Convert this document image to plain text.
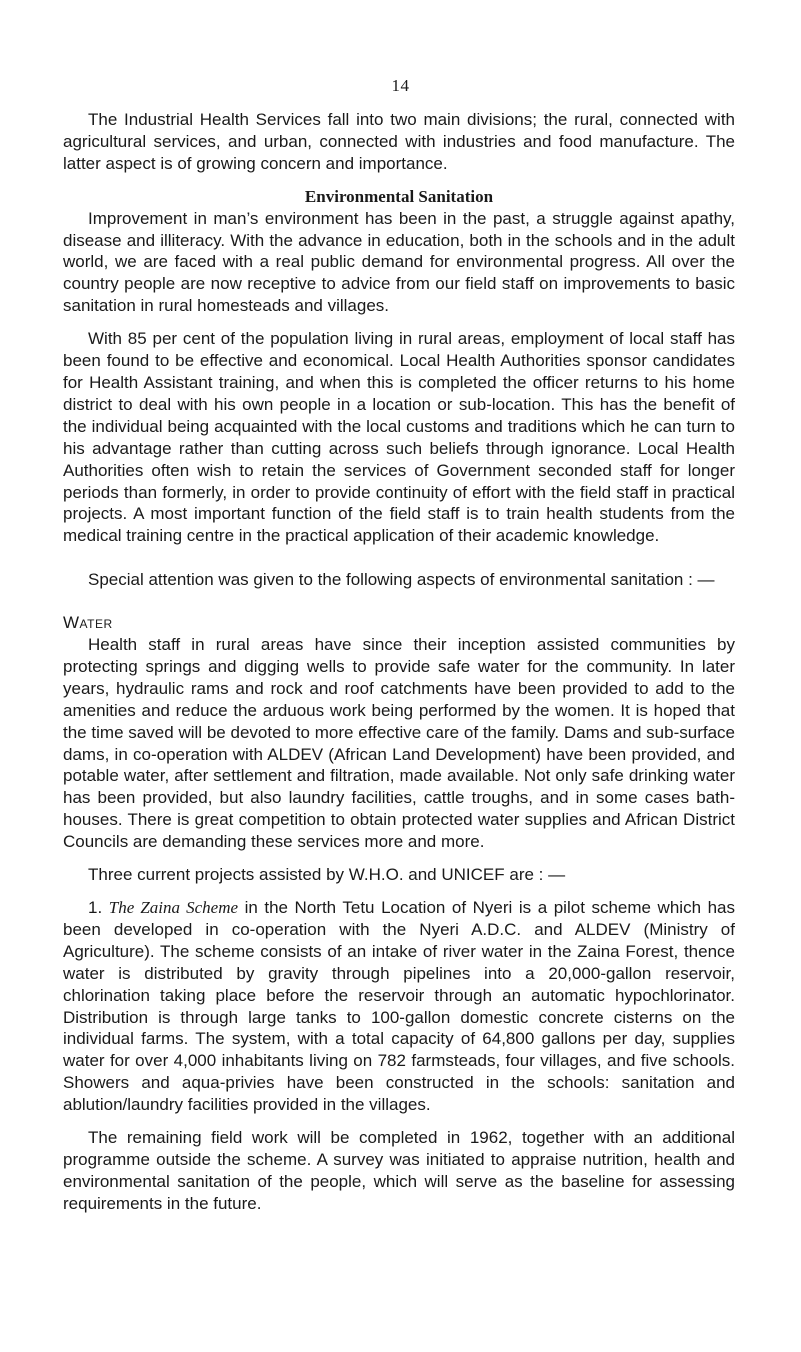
14

The Industrial Health Services fall into two main divisions; the rural, connected with agricultural services, and urban, connected with industries and food manufacture. The latter aspect is of growing concern and importance.

Environmental Sanitation

Improvement in man’s environment has been in the past, a struggle against apathy, disease and illiteracy. With the advance in education, both in the schools and in the adult world, we are faced with a real public demand for environmental progress. All over the country people are now receptive to advice from our field staff on improvements to basic sanitation in rural homesteads and villages.

With 85 per cent of the population living in rural areas, employment of local staff has been found to be effective and economical. Local Health Authorities sponsor candidates for Health Assistant training, and when this is completed the officer returns to his home district to deal with his own people in a location or sub-location. This has the benefit of the individual being acquainted with the local customs and traditions which he can turn to his advantage rather than cutting across such beliefs through ignorance. Local Health Authorities often wish to retain the services of Government seconded staff for longer periods than formerly, in order to provide continuity of effort with the field staff in practical projects. A most important function of the field staff is to train health students from the medical training centre in the practical application of their academic knowledge.

Special attention was given to the following aspects of environmental sanitation : —

Water

Health staff in rural areas have since their inception assisted communities by protecting springs and digging wells to provide safe water for the community. In later years, hydraulic rams and rock and roof catchments have been provided to add to the amenities and reduce the arduous work being performed by the women. It is hoped that the time saved will be devoted to more effective care of the family. Dams and sub-surface dams, in co-operation with ALDEV (African Land Development) have been provided, and potable water, after settlement and filtration, made available. Not only safe drinking water has been provided, but also laundry facilities, cattle troughs, and in some cases bath-houses. There is great competition to obtain protected water supplies and African District Councils are demanding these services more and more.

Three current projects assisted by W.H.O. and UNICEF are : —

1. The Zaina Scheme in the North Tetu Location of Nyeri is a pilot scheme which has been developed in co-operation with the Nyeri A.D.C. and ALDEV (Ministry of Agriculture). The scheme consists of an intake of river water in the Zaina Forest, thence water is distributed by gravity through pipelines into a 20,000-gallon reservoir, chlorination taking place before the reservoir through an automatic hypochlorinator. Distribution is through large tanks to 100-gallon domestic concrete cisterns on the individual farms. The system, with a total capacity of 64,800 gallons per day, supplies water for over 4,000 inhabitants living on 782 farmsteads, four villages, and five schools. Showers and aqua-privies have been constructed in the schools: sanitation and ablution/laundry facilities provided in the villages.

The remaining field work will be completed in 1962, together with an additional programme outside the scheme. A survey was initiated to appraise nutrition, health and environmental sanitation of the people, which will serve as the baseline for assessing requirements in the future.
